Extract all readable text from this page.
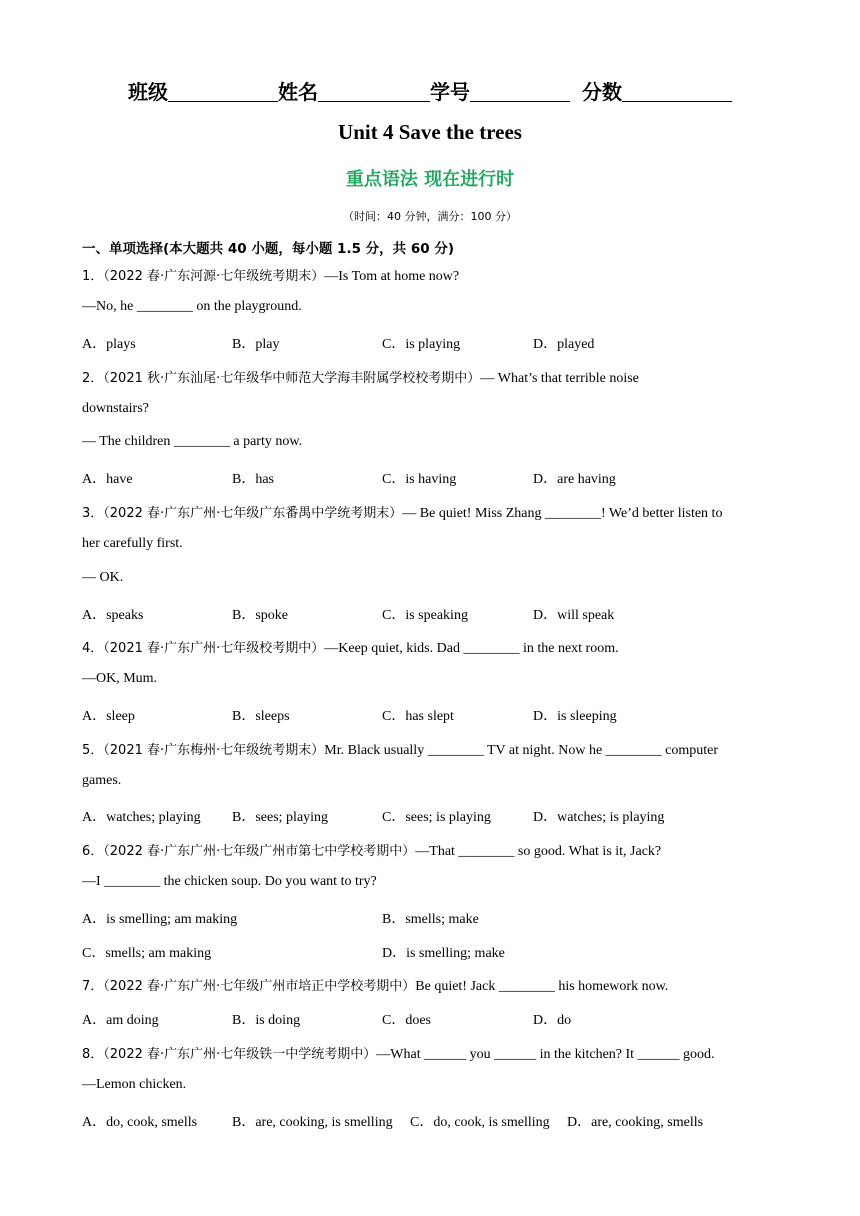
班级	姓名	学号	分数
Unit 4 Save the trees
重点语法 现在进行时
（时间：40 分钟，满分：100 分）
一、单项选择(本大题共 40 小题，每小题 1.5 分，共 60 分)
1．（2022 春·广东河源·七年级统考期末）—Is Tom at home now?
—No, he ________ on the playground.
A．plays	B．play	C．is playing	D．played
2．（2021 秋·广东汕尾·七年级华中师范大学海丰附属学校校考期中）— What’s that terrible noise
downstairs?
— The children ________ a party now.
A．have	B．has	C．is having	D．are having
3．（2022 春·广东广州·七年级广东番禺中学统考期末）— Be quiet! Miss Zhang ________! We’d better listen to
her carefully first.
— OK.
A．speaks	B．spoke	C．is speaking	D．will speak
4．（2021 春·广东广州·七年级校考期中）—Keep quiet, kids. Dad ________ in the next room.
—OK, Mum.
A．sleep	B．sleeps	C．has slept	D．is sleeping
5．（2021 春·广东梅州·七年级统考期末）Mr. Black usually ________ TV at night. Now he ________ computer
games.
A．watches; playing B．sees; playing	C．sees; is playing	D．watches; is playing
6．（2022 春·广东广州·七年级广州市第七中学校考期中）—That ________ so good. What is it, Jack?
—I ________ the chicken soup. Do you want to try?
A．is smelling; am making	B．smells; make
C．smells; am making	D．is smelling; make
7．（2022 春·广东广州·七年级广州市培正中学校考期中）Be quiet! Jack ________ his homework now.
A．am doing	B．is doing	C．does	D．do
8．（2022 春·广东广州·七年级铁一中学统考期中）—What ______ you ______ in the kitchen? It ______ good.
—Lemon chicken.
A．do, cook, smells B．are, cooking, is smelling C．do, cook, is smelling D．are, cooking, smells
